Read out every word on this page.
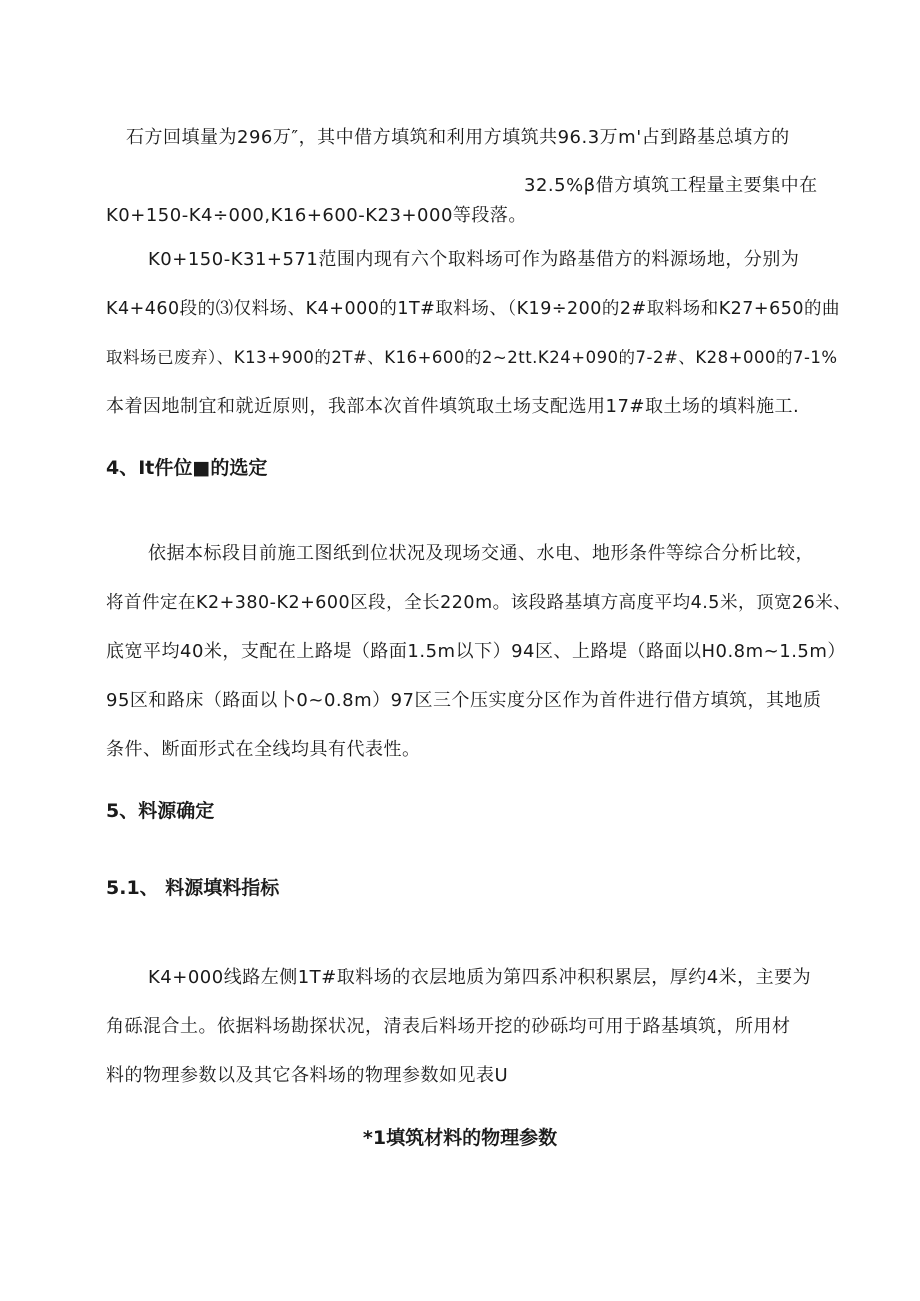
石方回填量为296万″，其中借方填筑和利用方填筑共96.3万m'占到路基总填方的
32.5%β借方填筑工程量主要集中在
K0+150-K4÷000,K16+600-K23+000等段落。
K0+150-K31+571范围内现有六个取料场可作为路基借方的料源场地，分别为
K4+460段的⑶仅料场、K4+000的1T#取料场、（K19÷200的2#取料场和K27+650的曲
取料场已废弃）、K13+900的2T#、K16+600的2~2tt.K24+090的7-2#、K28+000的7-1%
本着因地制宜和就近原则，我部本次首件填筑取土场支配选用17#取土场的填料施工.
4、It件位■的选定
依据本标段目前施工图纸到位状况及现场交通、水电、地形条件等综合分析比较，
将首件定在K2+380-K2+600区段，全长220m。该段路基填方高度平均4.5米，顶宽26米、
底宽平均40米，支配在上路堤（路面1.5m以下）94区、上路堤（路面以H0.8m~1.5m）
95区和路床（路面以卜0~0.8m）97区三个压实度分区作为首件进行借方填筑，其地质
条件、断面形式在全线均具有代表性。
5、料源确定
5.1、 料源填料指标
K4+000线路左侧1T#取料场的衣层地质为第四系冲积积累层，厚约4米，主要为
角砾混合土。依据料场勘探状况，清表后料场开挖的砂砾均可用于路基填筑，所用材
料的物理参数以及其它各料场的物理参数如见表U
*1填筑材料的物理参数
